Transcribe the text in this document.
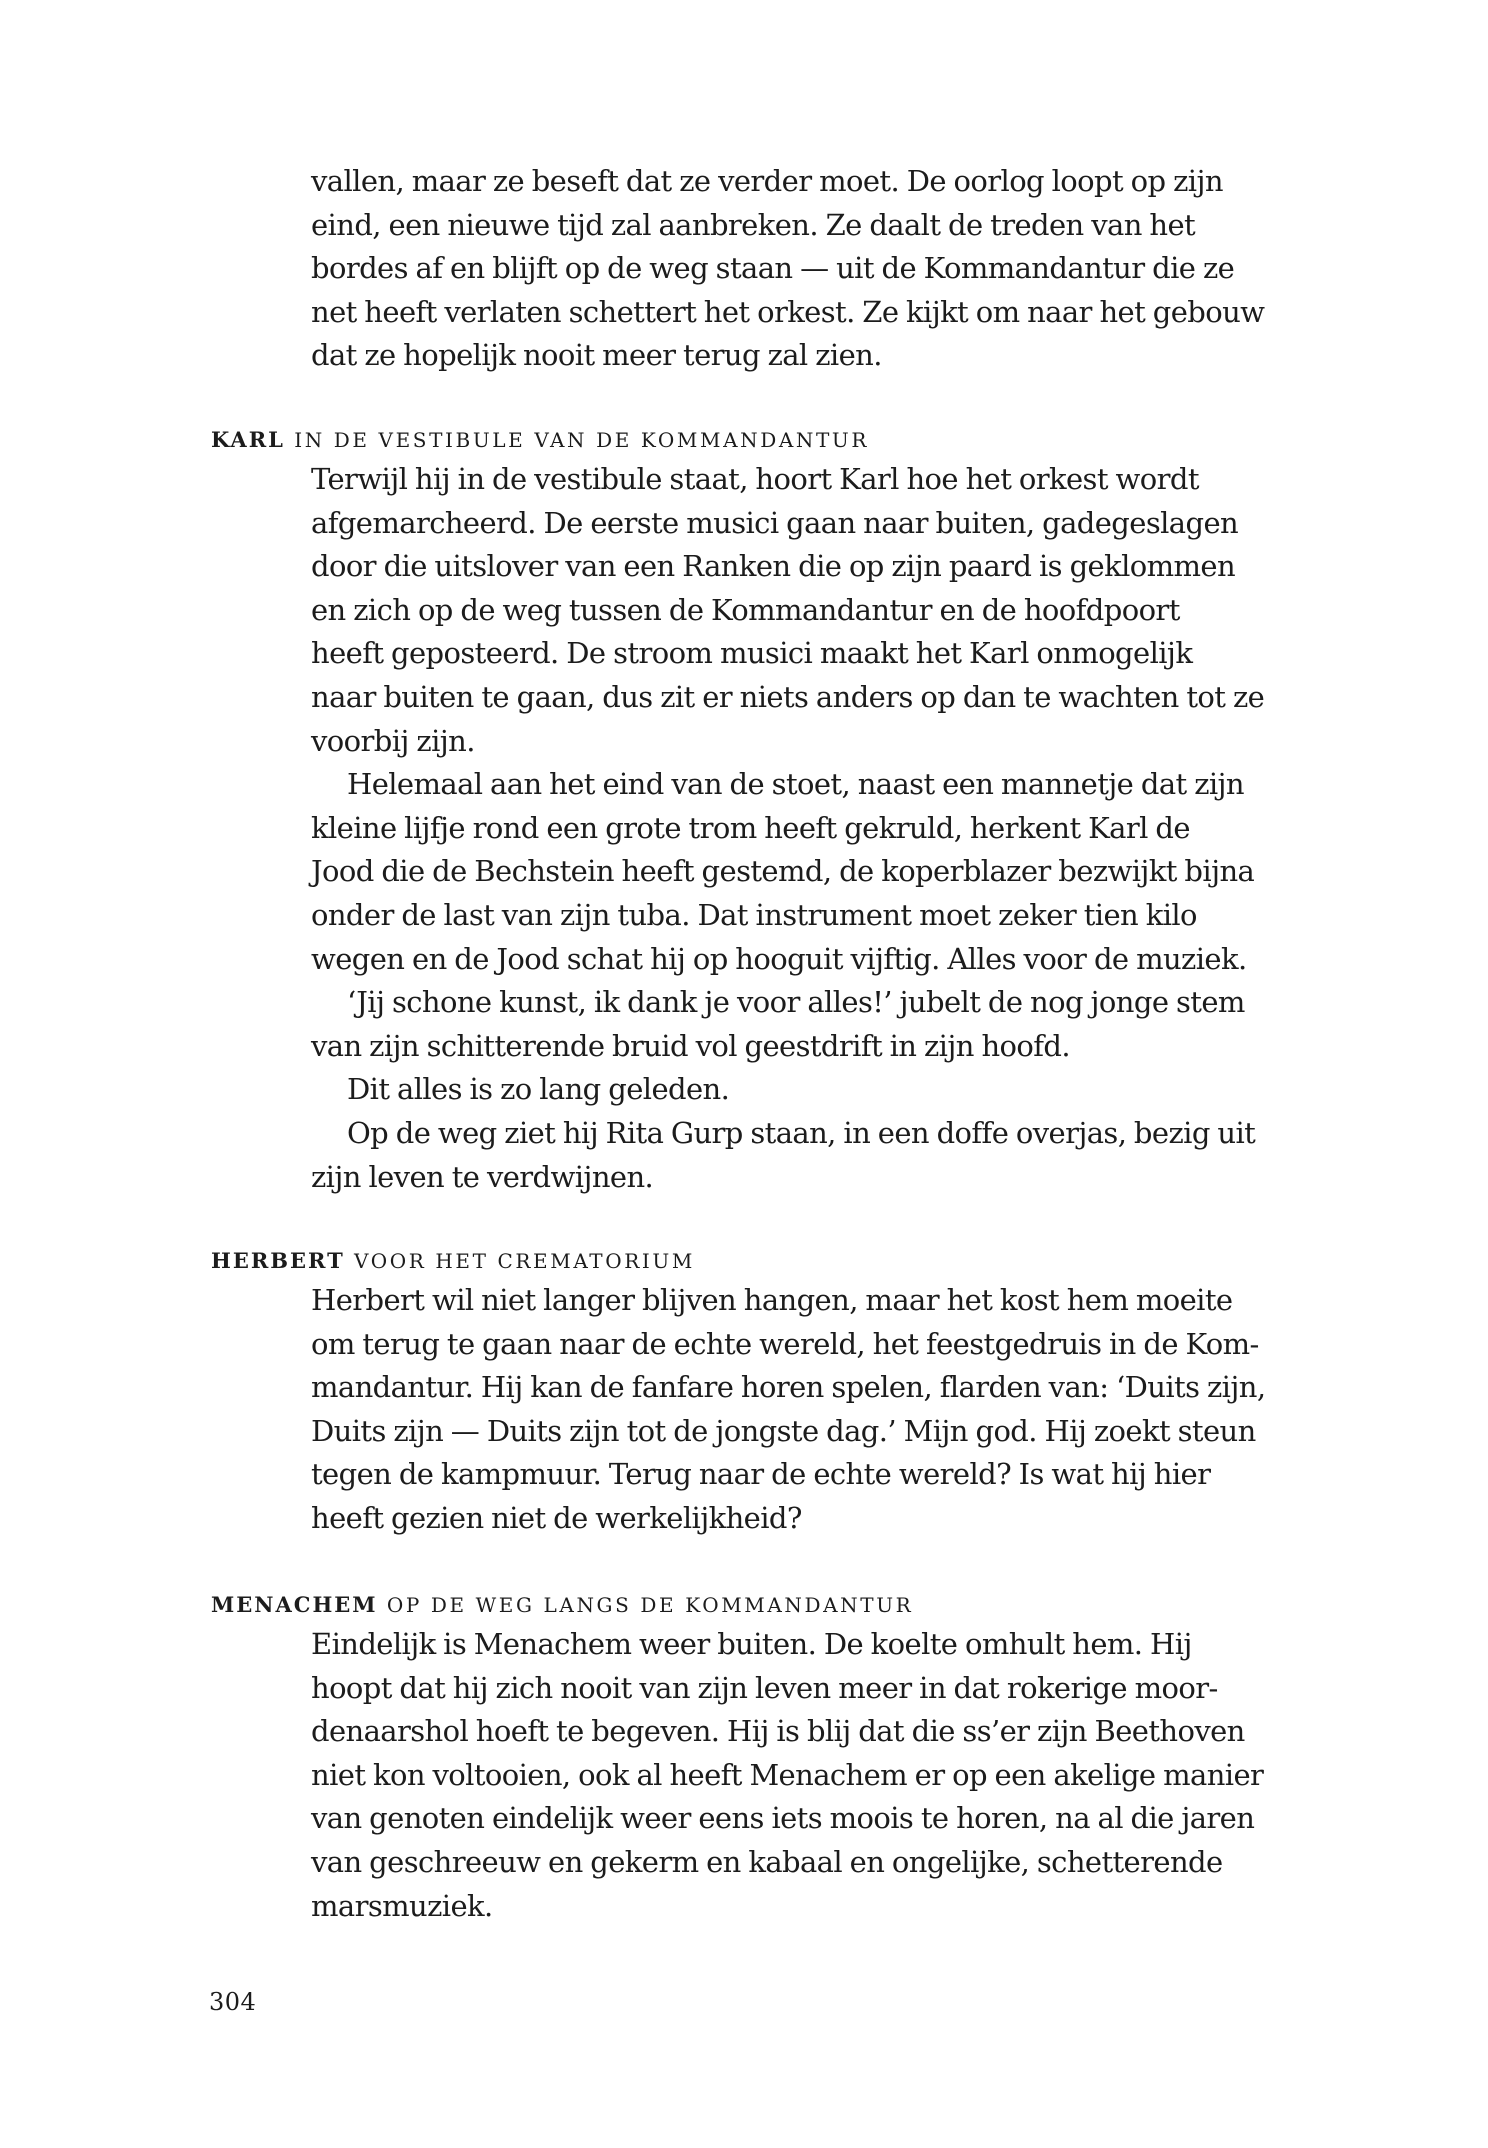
vallen, maar ze beseft dat ze verder moet. De oorlog loopt op zijn
eind, een nieuwe tijd zal aanbreken. Ze daalt de treden van het
bordes af en blijft op de weg staan — uit de Kommandantur die ze
net heeft verlaten schettert het orkest. Ze kijkt om naar het gebouw
dat ze hopelijk nooit meer terug zal zien.
KARL IN DE VESTIBULE VAN DE KOMMANDANTUR
Terwijl hij in de vestibule staat, hoort Karl hoe het orkest wordt
afgemarcheerd. De eerste musici gaan naar buiten, gadegeslagen
door die uitslover van een Ranken die op zijn paard is geklommen
en zich op de weg tussen de Kommandantur en de hoofdpoort
heeft geposteerd. De stroom musici maakt het Karl onmogelijk
naar buiten te gaan, dus zit er niets anders op dan te wachten tot ze
voorbij zijn.
Helemaal aan het eind van de stoet, naast een mannetje dat zijn
kleine lijfje rond een grote trom heeft gekruld, herkent Karl de
Jood die de Bechstein heeft gestemd, de koperblazer bezwijkt bijna
onder de last van zijn tuba. Dat instrument moet zeker tien kilo
wegen en de Jood schat hij op hooguit vijftig. Alles voor de muziek.
‘Jij schone kunst, ik dank je voor alles!’ jubelt de nog jonge stem
van zijn schitterende bruid vol geestdrift in zijn hoofd.
Dit alles is zo lang geleden.
Op de weg ziet hij Rita Gurp staan, in een doffe overjas, bezig uit
zijn leven te verdwijnen.
HERBERT VOOR HET CREMATORIUM
Herbert wil niet langer blijven hangen, maar het kost hem moeite
om terug te gaan naar de echte wereld, het feestgedruis in de Kom-
mandantur. Hij kan de fanfare horen spelen, flarden van: ‘Duits zijn,
Duits zijn — Duits zijn tot de jongste dag.’ Mijn god. Hij zoekt steun
tegen de kampmuur. Terug naar de echte wereld? Is wat hij hier
heeft gezien niet de werkelijkheid?
MENACHEM OP DE WEG LANGS DE KOMMANDANTUR
Eindelijk is Menachem weer buiten. De koelte omhult hem. Hij
hoopt dat hij zich nooit van zijn leven meer in dat rokerige moor-
denaarshol hoeft te begeven. Hij is blij dat die ss’er zijn Beethoven
niet kon voltooien, ook al heeft Menachem er op een akelige manier
van genoten eindelijk weer eens iets moois te horen, na al die jaren
van geschreeuw en gekerm en kabaal en ongelijke, schetterende
marsmuziek.
304
